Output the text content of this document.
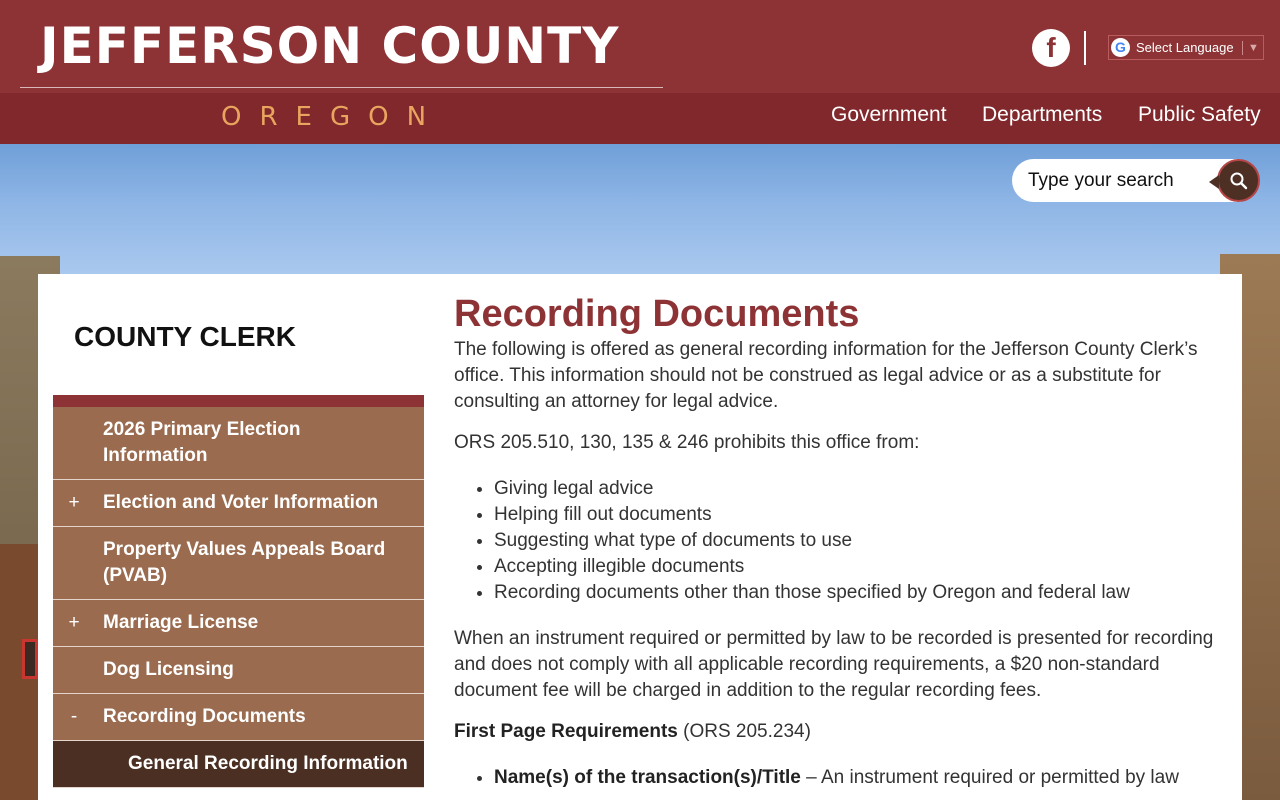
JEFFERSON COUNTY
OREGON
f	G Select Language ▼
Government Departments Public Safety
Type your search
COUNTY CLERK
2026 Primary Election Information
+ Election and Voter Information
Property Values Appeals Board (PVAB)
+ Marriage License
Dog Licensing
- Recording Documents
General Recording Information
Recording Documents

The following is offered as general recording information for the Jefferson County Clerk’s office. This information should not be construed as legal advice or as a substitute for consulting an attorney for legal advice.

ORS 205.510, 130, 135 & 246 prohibits this office from:

• Giving legal advice
• Helping fill out documents
• Suggesting what type of documents to use
• Accepting illegible documents
• Recording documents other than those specified by Oregon and federal law

When an instrument required or permitted by law to be recorded is presented for recording and does not comply with all applicable recording requirements, a $20 non-standard document fee will be charged in addition to the regular recording fees.

First Page Requirements (ORS 205.234)

• Name(s) of the transaction(s)/Title – An instrument required or permitted by law
